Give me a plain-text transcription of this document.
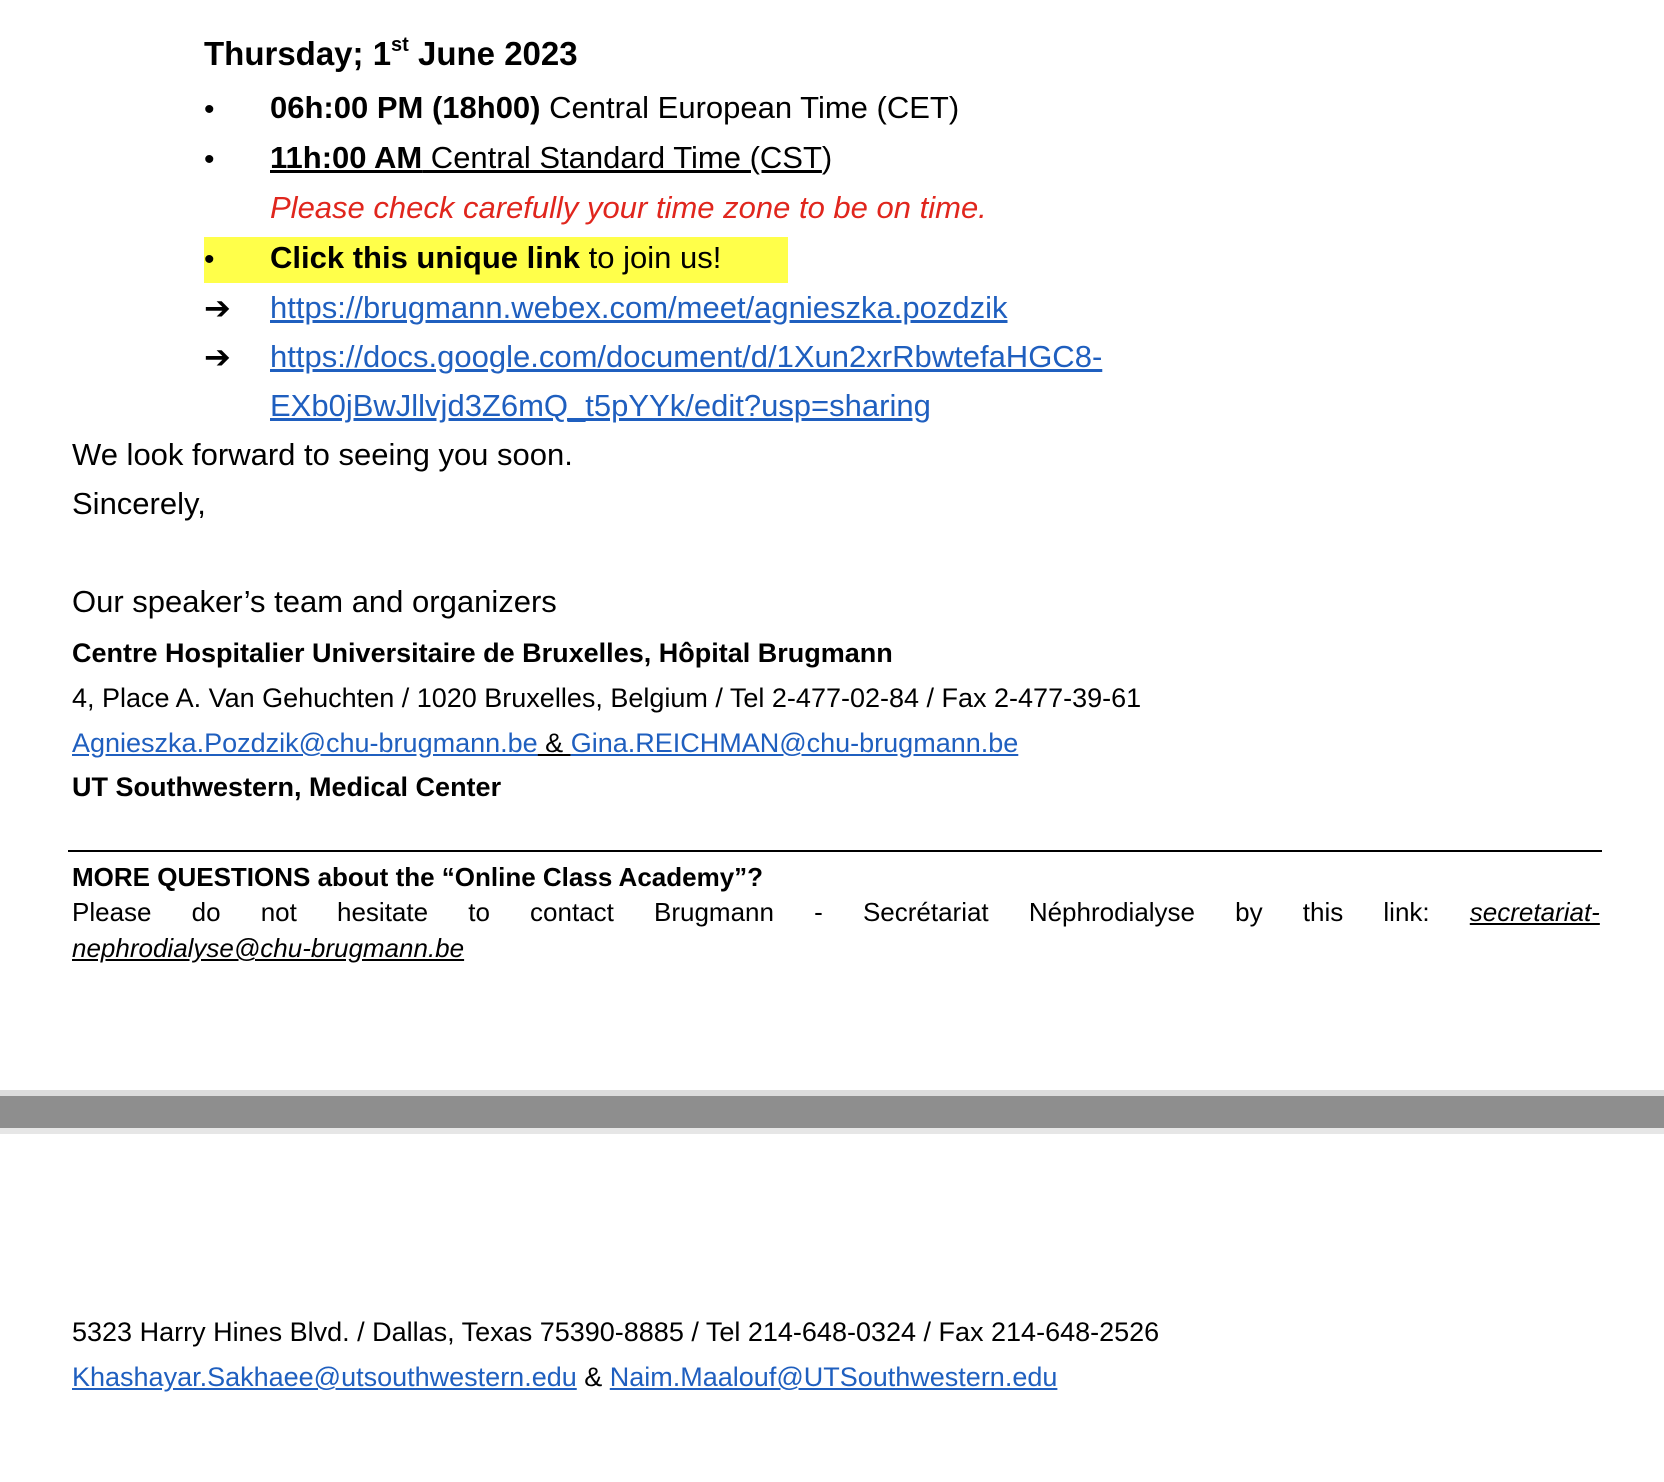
Thursday; 1st June 2023
• 06h:00 PM (18h00) Central European Time (CET)
• 11h:00 AM Central Standard Time (CST)
Please check carefully your time zone to be on time.
• Click this unique link to join us!
➔ https://brugmann.webex.com/meet/agnieszka.pozdzik
➔ https://docs.google.com/document/d/1Xun2xrRbwtefaHGC8-
EXb0jBwJllvjd3Z6mQ_t5pYYk/edit?usp=sharing
We look forward to seeing you soon.
Sincerely,
Our speaker’s team and organizers
Centre Hospitalier Universitaire de Bruxelles, Hôpital Brugmann
4, Place A. Van Gehuchten / 1020 Bruxelles, Belgium / Tel 2-477-02-84 / Fax 2-477-39-61
Agnieszka.Pozdzik@chu-brugmann.be & Gina.REICHMAN@chu-brugmann.be
UT Southwestern, Medical Center
MORE QUESTIONS about the “Online Class Academy”?
Please do not hesitate to contact Brugmann - Secrétariat Néphrodialyse by this link: secretariat-
nephrodialyse@chu-brugmann.be
5323 Harry Hines Blvd. / Dallas, Texas 75390-8885 / Tel 214-648-0324 / Fax 214-648-2526
Khashayar.Sakhaee@utsouthwestern.edu & Naim.Maalouf@UTSouthwestern.edu
